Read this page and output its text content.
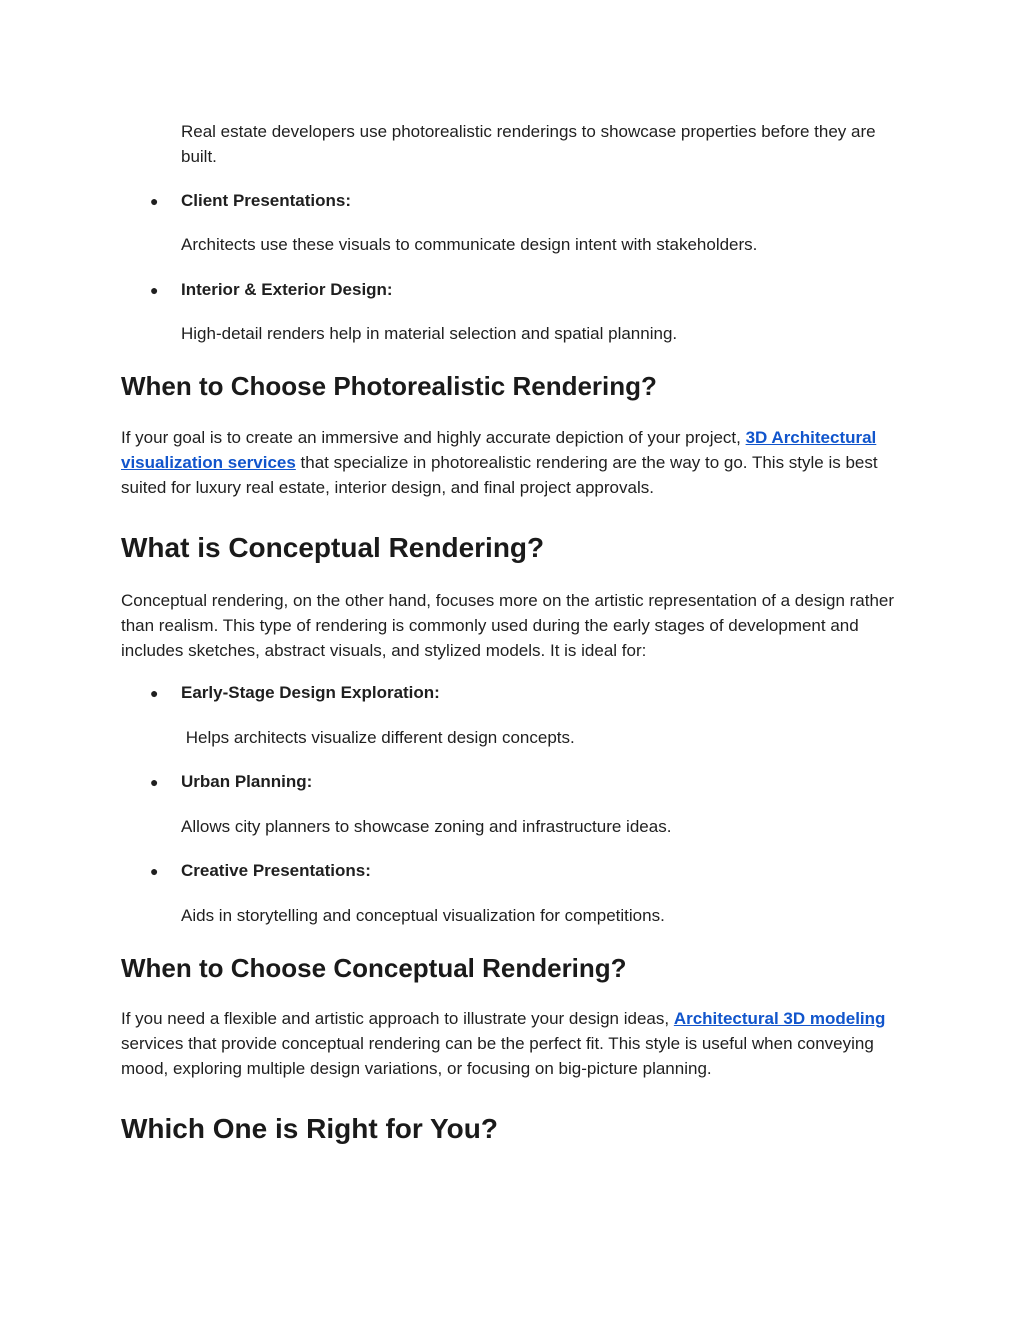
Real estate developers use photorealistic renderings to showcase properties before they are built.

● Client Presentations:

Architects use these visuals to communicate design intent with stakeholders.

● Interior & Exterior Design:

High-detail renders help in material selection and spatial planning.

When to Choose Photorealistic Rendering?

If your goal is to create an immersive and highly accurate depiction of your project, 3D Architectural visualization services that specialize in photorealistic rendering are the way to go. This style is best suited for luxury real estate, interior design, and final project approvals.

What is Conceptual Rendering?

Conceptual rendering, on the other hand, focuses more on the artistic representation of a design rather than realism. This type of rendering is commonly used during the early stages of development and includes sketches, abstract visuals, and stylized models. It is ideal for:

● Early-Stage Design Exploration:

Helps architects visualize different design concepts.

● Urban Planning:

Allows city planners to showcase zoning and infrastructure ideas.

● Creative Presentations:

Aids in storytelling and conceptual visualization for competitions.

When to Choose Conceptual Rendering?

If you need a flexible and artistic approach to illustrate your design ideas, Architectural 3D modeling services that provide conceptual rendering can be the perfect fit. This style is useful when conveying mood, exploring multiple design variations, or focusing on big-picture planning.

Which One is Right for You?
